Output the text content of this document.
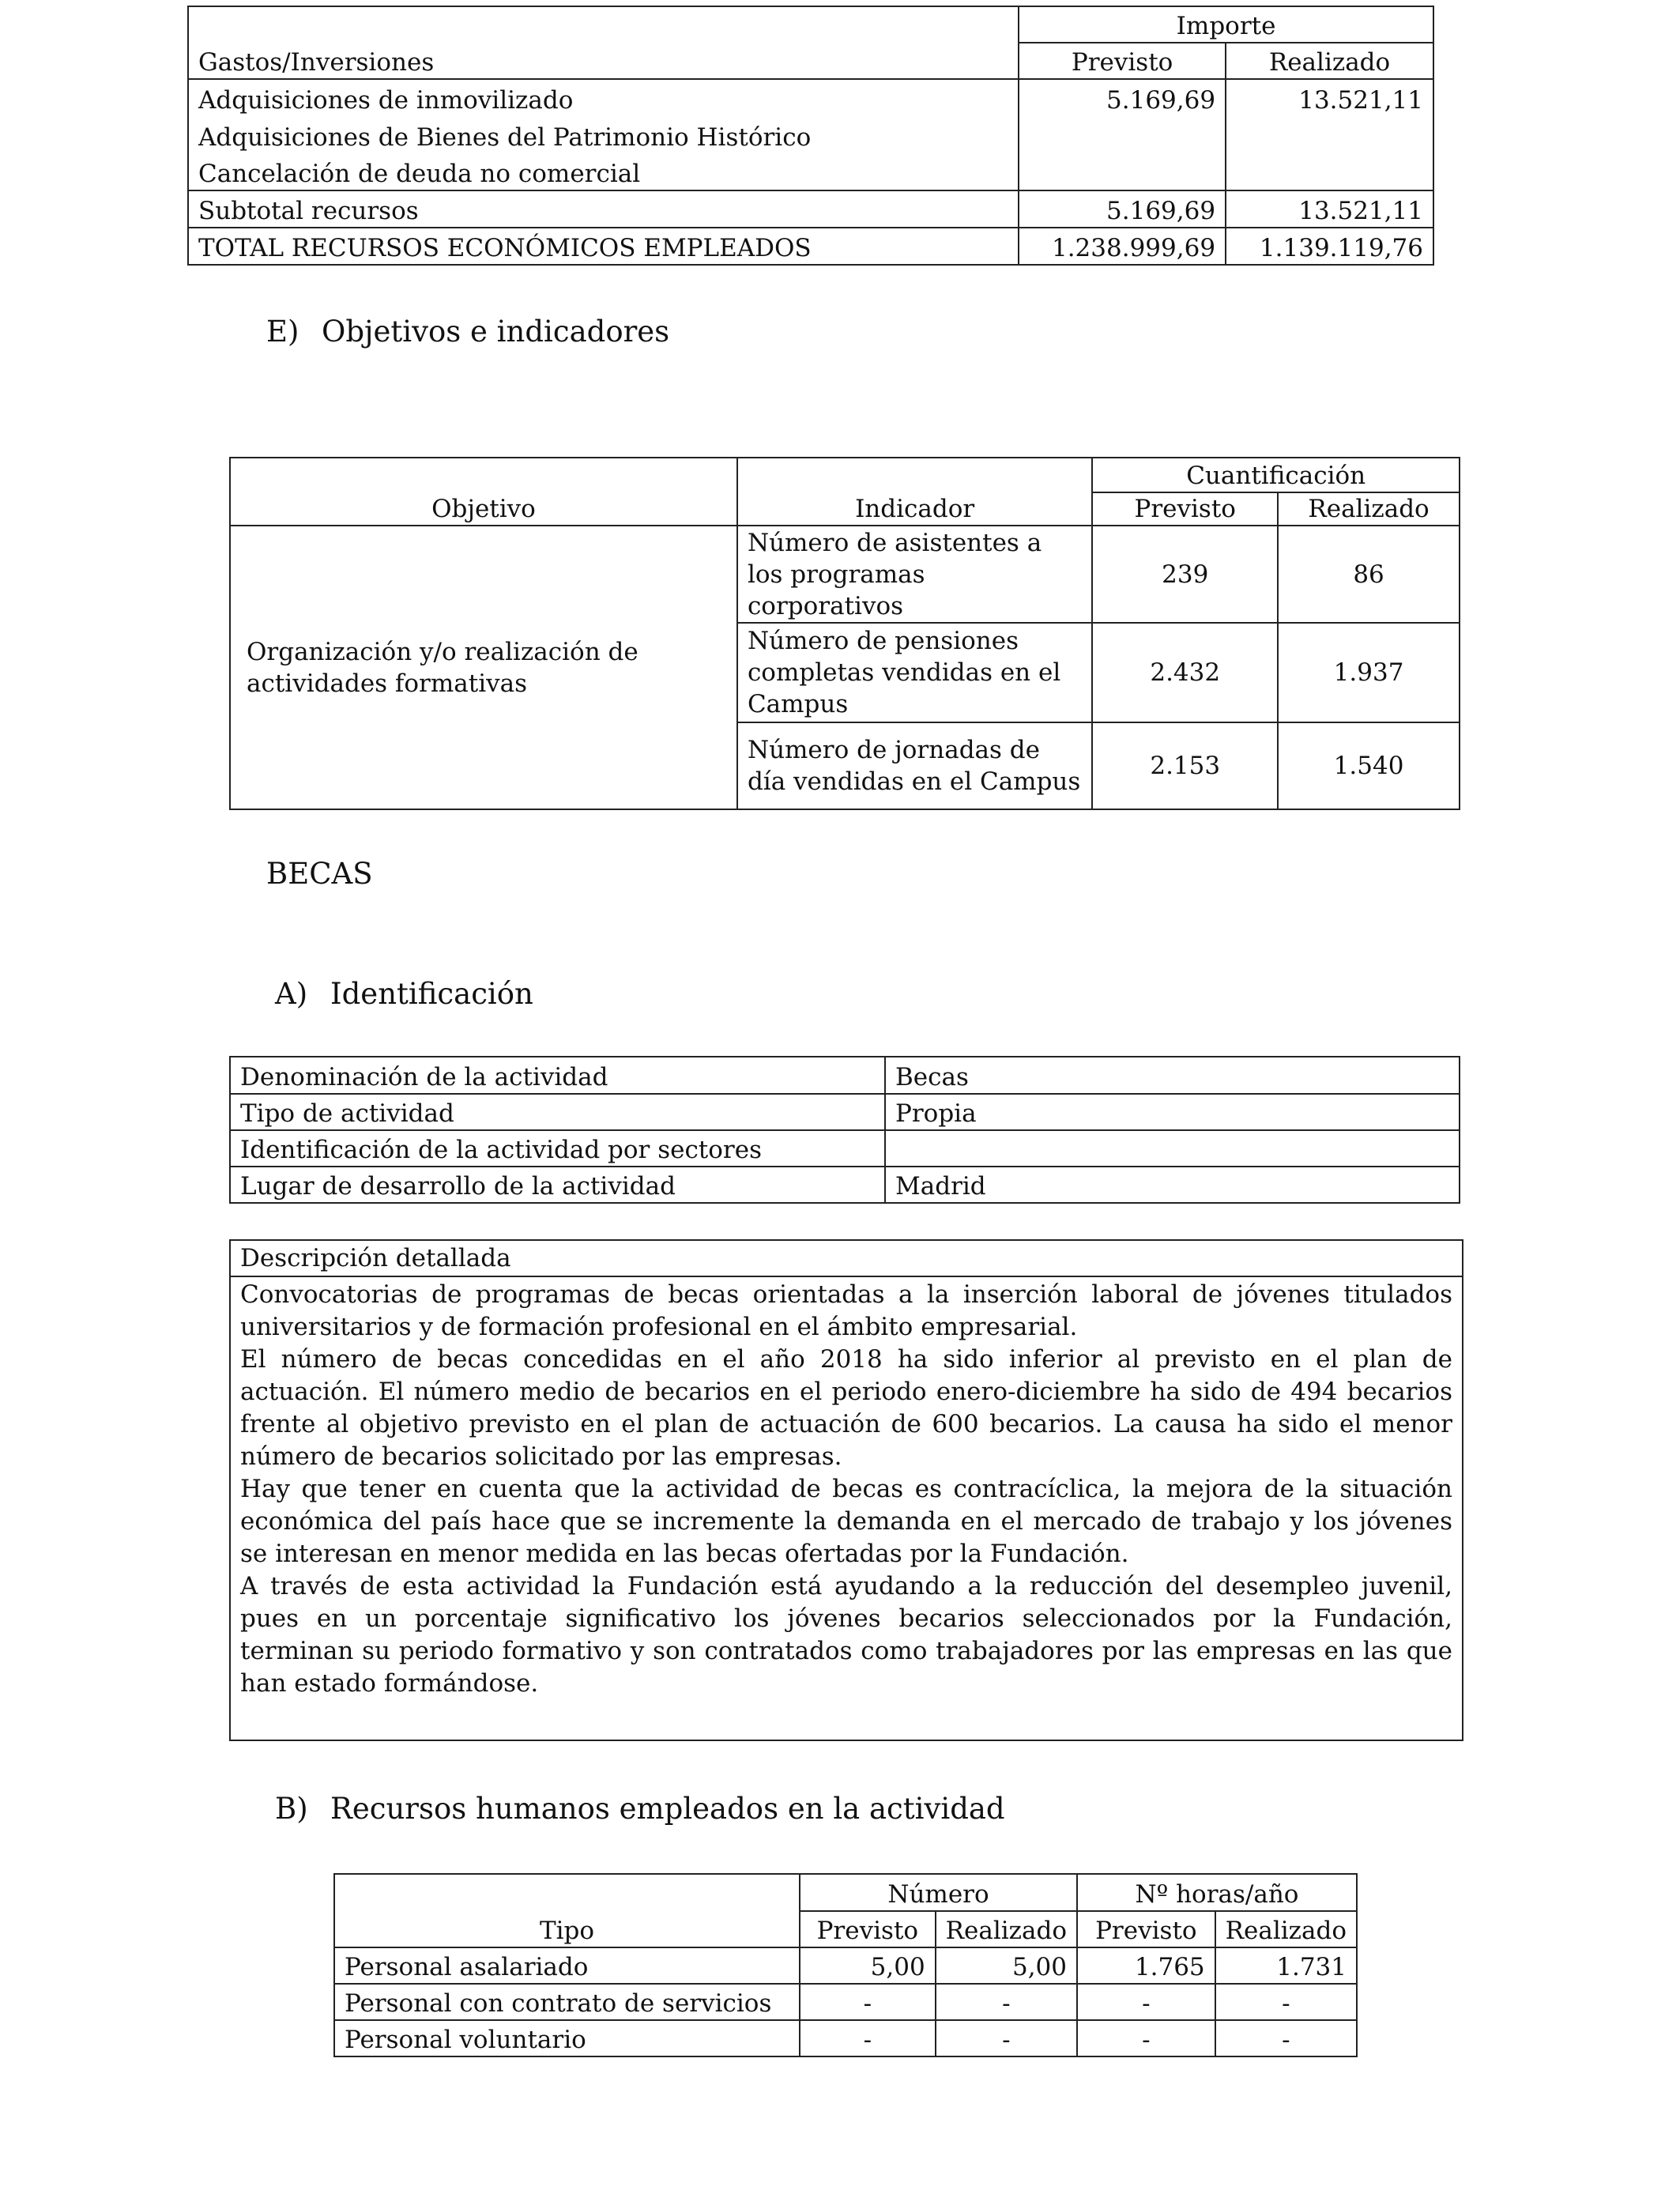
Gastos/Inversiones	Importe	
	Previsto	Realizado
Adquisiciones de inmovilizado	5.169,69	13.521,11
Adquisiciones de Bienes del Patrimonio Histórico		
Cancelación de deuda no comercial		
Subtotal recursos	5.169,69	13.521,11
TOTAL RECURSOS ECONÓMICOS EMPLEADOS	1.238.999,69	1.139.119,76
E) Objetivos e indicadores
Objetivo	Indicador	Cuantificación	
		Previsto	Realizado
Organización y/o realización de actividades formativas	Número de asistentes a los programas corporativos	239	86
	Número de pensiones completas vendidas en el Campus	2.432	1.937
	Número de jornadas de día vendidas en el Campus	2.153	1.540
BECAS
A) Identificación
Denominación de la actividad	Becas
Tipo de actividad	Propia
Identificación de la actividad por sectores	
Lugar de desarrollo de la actividad	Madrid
Descripción detallada

Convocatorias de programas de becas orientadas a la inserción laboral de jóvenes titulados universitarios y de formación profesional en el ámbito empresarial.

El número de becas concedidas en el año 2018 ha sido inferior al previsto en el plan de actuación. El número medio de becarios en el periodo enero-diciembre ha sido de 494 becarios frente al objetivo previsto en el plan de actuación de 600 becarios. La causa ha sido el menor número de becarios solicitado por las empresas.

Hay que tener en cuenta que la actividad de becas es contracíclica, la mejora de la situación económica del país hace que se incremente la demanda en el mercado de trabajo y los jóvenes se interesan en menor medida en las becas ofertadas por la Fundación.

A través de esta actividad la Fundación está ayudando a la reducción del desempleo juvenil, pues en un porcentaje significativo los jóvenes becarios seleccionados por la Fundación, terminan su periodo formativo y son contratados como trabajadores por las empresas en las que han estado formándose.

B) Recursos humanos empleados en la actividad
Tipo	Número		Nº horas/año	
	Previsto	Realizado	Previsto	Realizado
Personal asalariado	5,00	5,00	1.765	1.731
Personal con contrato de servicios	-	-	-	-
Personal voluntario	-	-	-	-
